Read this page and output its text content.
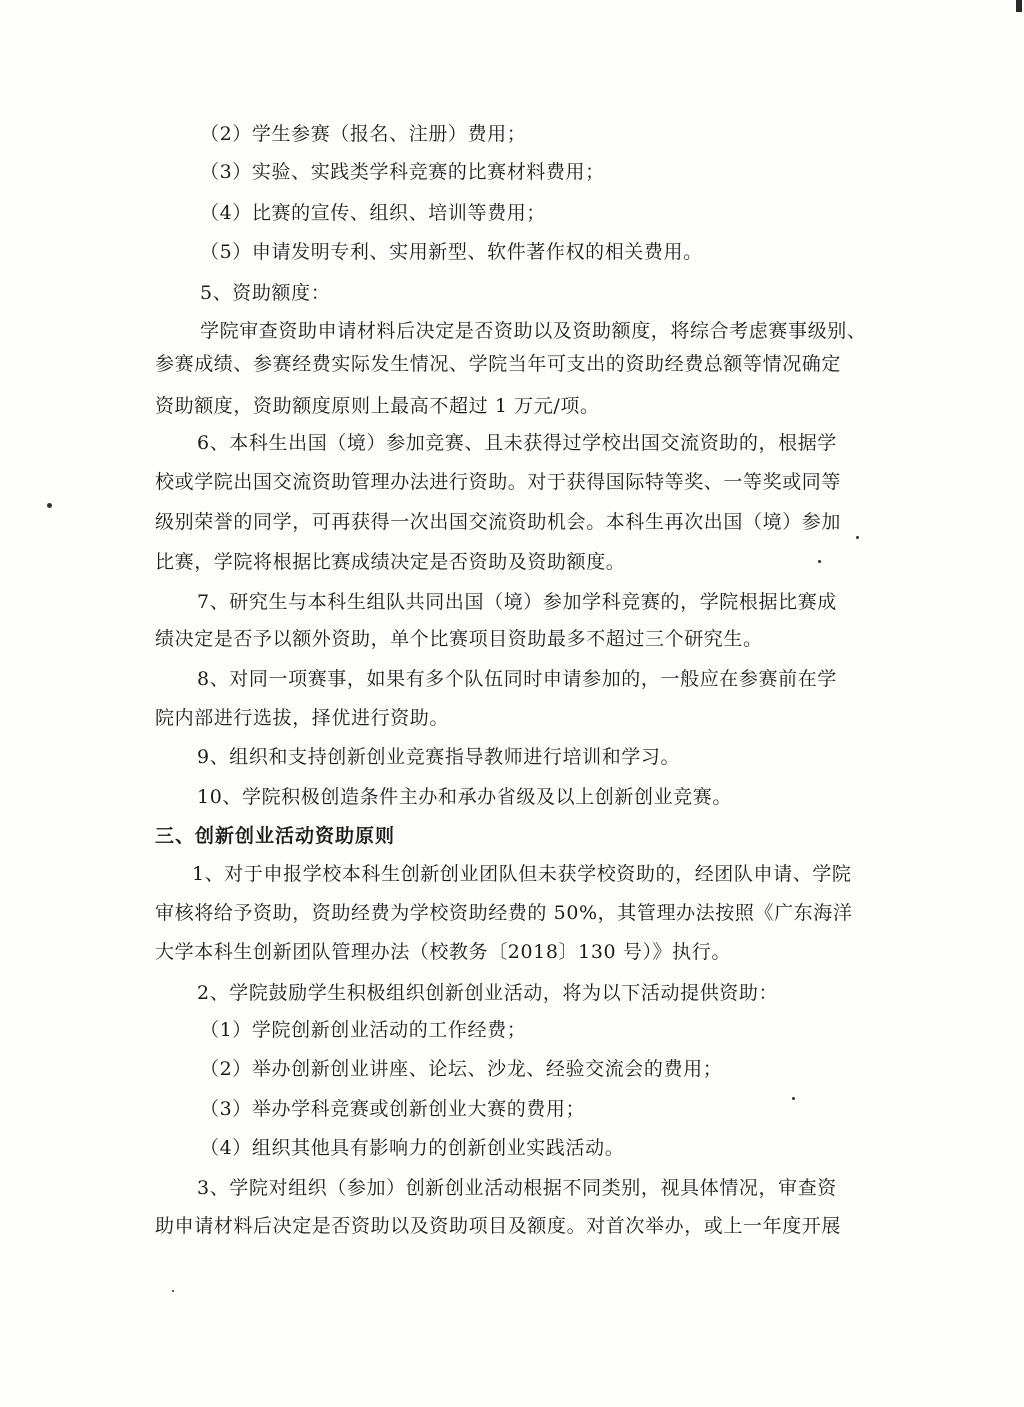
（2）学生参赛（报名、注册）费用；
（3）实验、实践类学科竞赛的比赛材料费用；
（4）比赛的宣传、组织、培训等费用；
（5）申请发明专利、实用新型、软件著作权的相关费用。
5、资助额度：
学院审查资助申请材料后决定是否资助以及资助额度，将综合考虑赛事级别、
参赛成绩、参赛经费实际发生情况、学院当年可支出的资助经费总额等情况确定
资助额度，资助额度原则上最高不超过 1 万元/项。
6、本科生出国（境）参加竞赛、且未获得过学校出国交流资助的，根据学
校或学院出国交流资助管理办法进行资助。对于获得国际特等奖、一等奖或同等
级别荣誉的同学，可再获得一次出国交流资助机会。本科生再次出国（境）参加
比赛，学院将根据比赛成绩决定是否资助及资助额度。
7、研究生与本科生组队共同出国（境）参加学科竞赛的，学院根据比赛成
绩决定是否予以额外资助，单个比赛项目资助最多不超过三个研究生。
8、对同一项赛事，如果有多个队伍同时申请参加的，一般应在参赛前在学
院内部进行选拔，择优进行资助。
9、组织和支持创新创业竞赛指导教师进行培训和学习。
10、学院积极创造条件主办和承办省级及以上创新创业竞赛。
三、创新创业活动资助原则
1、对于申报学校本科生创新创业团队但未获学校资助的，经团队申请、学院
审核将给予资助，资助经费为学校资助经费的 50%，其管理办法按照《广东海洋
大学本科生创新团队管理办法（校教务〔2018〕130 号）》执行。
2、学院鼓励学生积极组织创新创业活动，将为以下活动提供资助：
（1）学院创新创业活动的工作经费；
（2）举办创新创业讲座、论坛、沙龙、经验交流会的费用；
（3）举办学科竞赛或创新创业大赛的费用；
（4）组织其他具有影响力的创新创业实践活动。
3、学院对组织（参加）创新创业活动根据不同类别，视具体情况，审查资
助申请材料后决定是否资助以及资助项目及额度。对首次举办，或上一年度开展
